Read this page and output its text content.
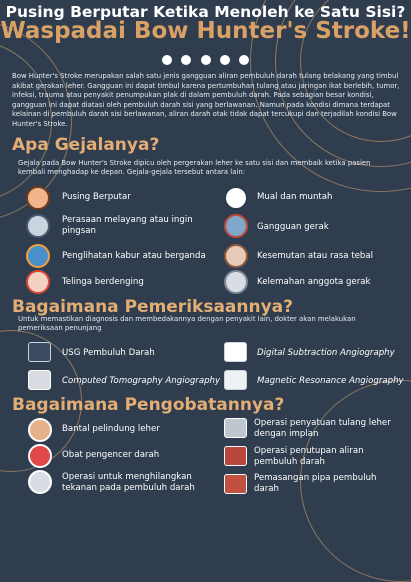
Pusing Berputar Ketika Menoleh ke Satu Sisi?
Waspadai Bow Hunter's Stroke!

Bow Hunter's Stroke merupakan salah satu jenis gangguan aliran pembuluh darah tulang belakang yang timbul akibat gerakan leher. Gangguan ini dapat timbul karena pertumbuhan tulang atau jaringan ikat berlebih, tumor, infeksi, trauma atau penyakit penumpukan plak di dalam pembuluh darah. Pada sebagian besar kondisi, gangguan ini dapat diatasi oleh pembuluh darah sisi yang berlawanan. Namun pada kondisi dimana terdapat kelainan di pembuluh darah sisi berlawanan, aliran darah otak tidak dapat tercukupi dan terjadilah kondisi Bow Hunter's Stroke.
Apa Gejalanya?
Gejala pada Bow Hunter's Stroke dipicu oleh pergerakan leher ke satu sisi dan membaik ketika pasien kembali menghadap ke depan. Gejala-gejala tersebut antara lain:
Pusing Berputar
Perasaan melayang atau ingin pingsan
Penglihatan kabur atau berganda
Telinga berdenging
Mual dan muntah
Gangguan gerak
Kesemutan atau rasa tebal
Kelemahan anggota gerak
Bagaimana Pemeriksaannya?
Untuk memastikan diagnosis dan membedakannya dengan penyakit lain, dokter akan melakukan pemeriksaan penunjang
USG Pembuluh Darah
Computed Tomography Angiography
Digital Subtraction Angiography
Magnetic Resonance Angiography
Bagaimana Pengobatannya?
Bantal pelindung leher
Obat pengencer darah
Operasi untuk menghilangkan tekanan pada pembuluh darah
Operasi penyatuan tulang leher dengan implan
Operasi penutupan aliran pembuluh darah
Pemasangan pipa pembuluh darah
